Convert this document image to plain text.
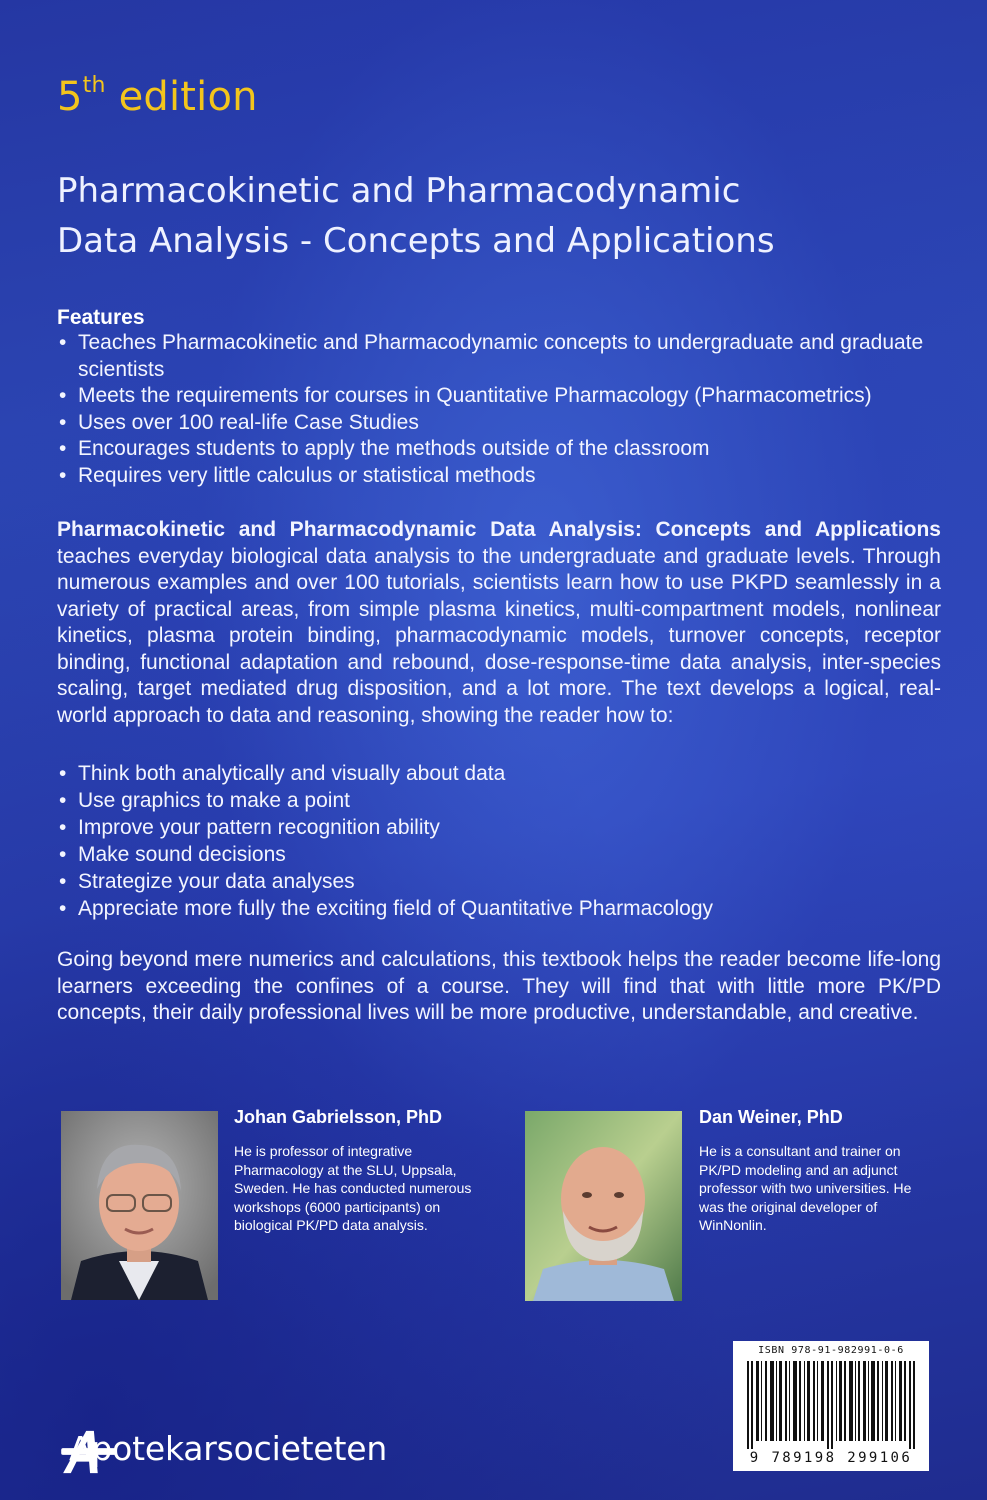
5th edition
Pharmacokinetic and Pharmacodynamic
Data Analysis - Concepts and Applications
Features
• Teaches Pharmacokinetic and Pharmacodynamic concepts to undergraduate and graduate scientists
• Meets the requirements for courses in Quantitative Pharmacology (Pharmacometrics)
• Uses over 100 real-life Case Studies
• Encourages students to apply the methods outside of the classroom
• Requires very little calculus or statistical methods

Pharmacokinetic and Pharmacodynamic Data Analysis: Concepts and Applications teaches everyday biological data analysis to the undergraduate and graduate levels. Through numerous examples and over 100 tutorials, scientists learn how to use PKPD seamlessly in a variety of practical areas, from simple plasma kinetics, multi-compartment models, nonlinear kinetics, plasma protein binding, pharmacodynamic models, turnover concepts, receptor binding, functional adaptation and rebound, dose-response-time data analysis, inter-species scaling, target mediated drug disposition, and a lot more. The text develops a logical, real-world approach to data and reasoning, showing the reader how to:

• Think both analytically and visually about data
• Use graphics to make a point
• Improve your pattern recognition ability
• Make sound decisions
• Strategize your data analyses
• Appreciate more fully the exciting field of Quantitative Pharmacology

Going beyond mere numerics and calculations, this textbook helps the reader become life-long learners exceeding the confines of a course. They will find that with little more PK/PD concepts, their daily professional lives will be more productive, understandable, and creative.

Johan Gabrielsson, PhD

He is professor of integrative Pharmacology at the SLU, Uppsala, Sweden. He has conducted numerous workshops (6000 participants) on biological PK/PD data analysis.

Dan Weiner, PhD

He is a consultant and trainer on PK/PD modeling and an adjunct professor with two universities. He was the original developer of WinNonlin.

ISBN 978-91-982991-0-6
9 789198 299106
Apotekarsocieteten
